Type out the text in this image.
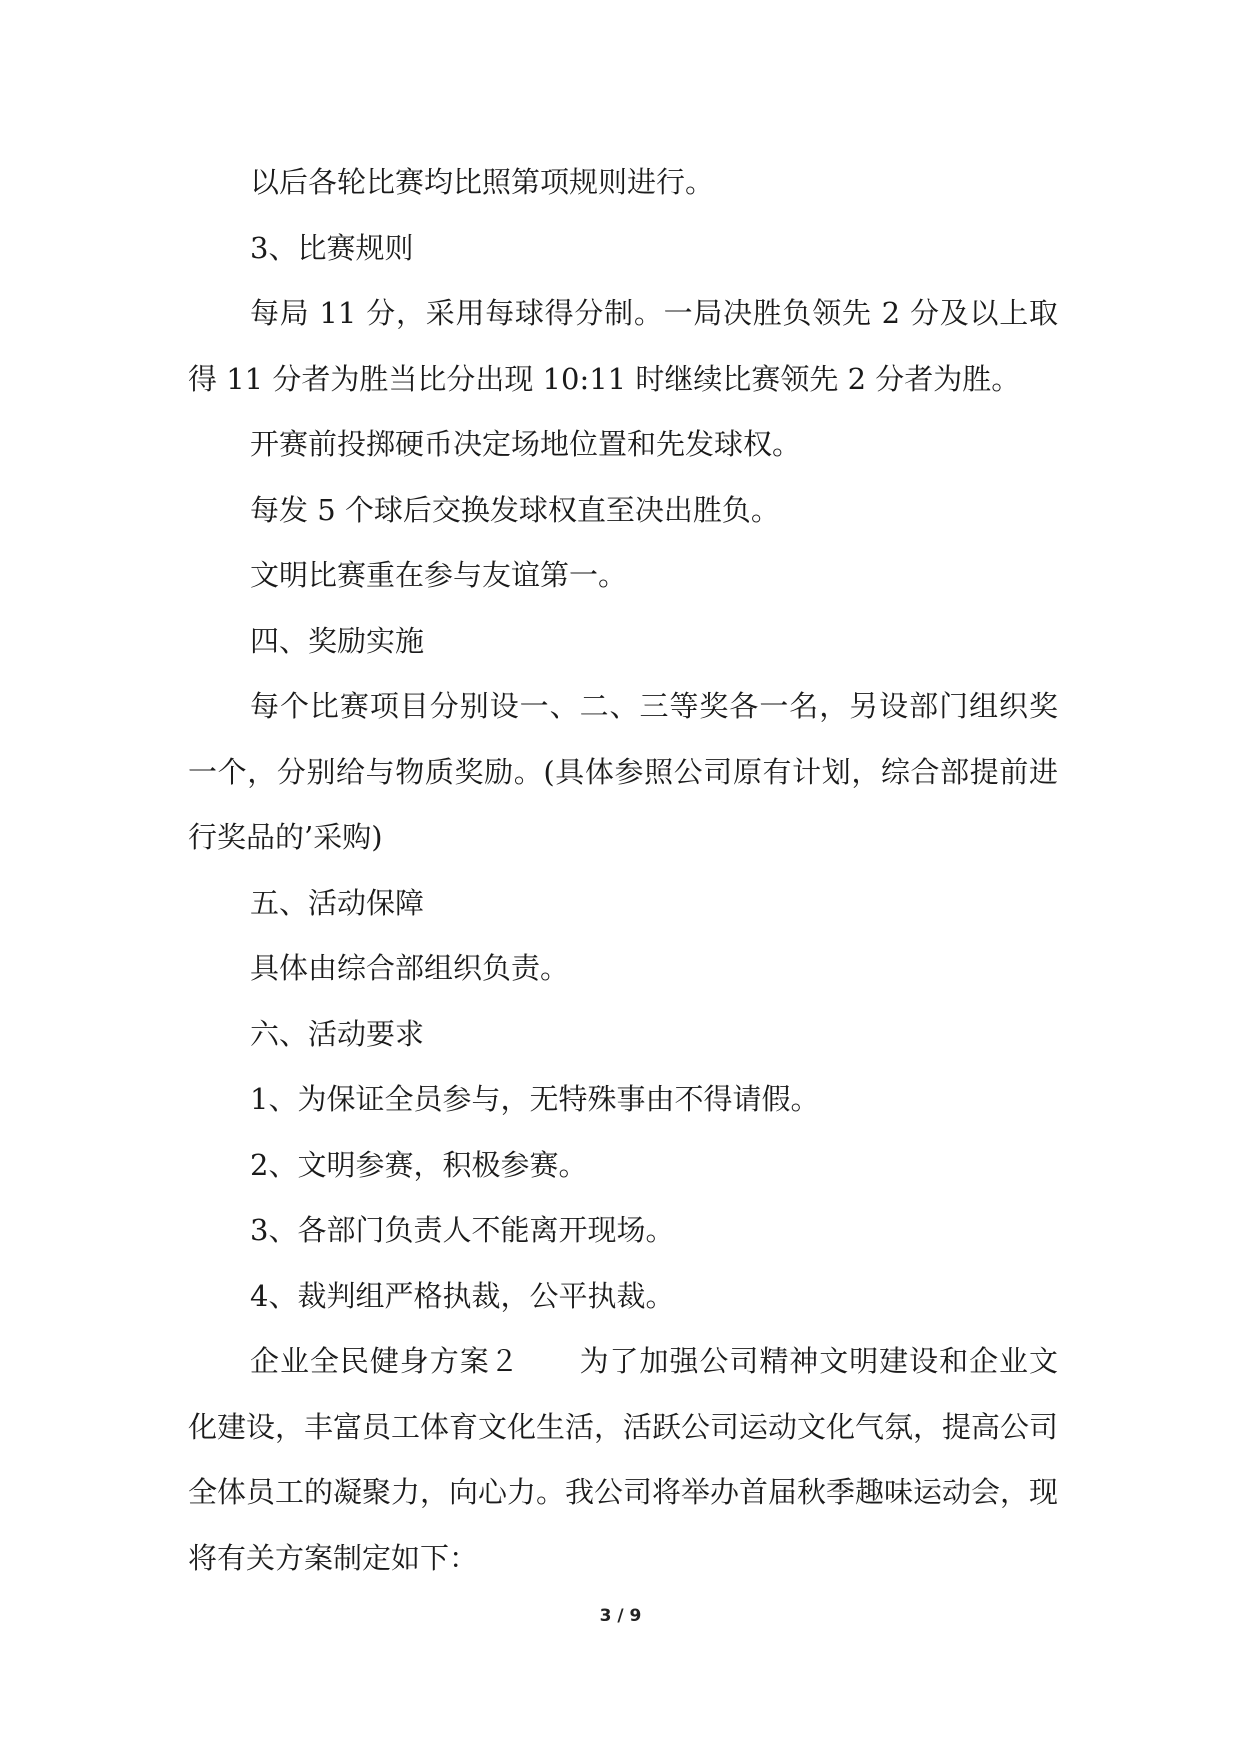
以后各轮比赛均比照第项规则进行。

3、比赛规则

每局 11 分，采用每球得分制。一局决胜负领先 2 分及以上取得 11 分者为胜当比分出现 10:11 时继续比赛领先 2 分者为胜。

开赛前投掷硬币决定场地位置和先发球权。

每发 5 个球后交换发球权直至决出胜负。

文明比赛重在参与友谊第一。

四、奖励实施

每个比赛项目分别设一、二、三等奖各一名，另设部门组织奖一个，分别给与物质奖励。(具体参照公司原有计划，综合部提前进行奖品的’采购)

五、活动保障

具体由综合部组织负责。

六、活动要求

1、为保证全员参与，无特殊事由不得请假。

2、文明参赛，积极参赛。

3、各部门负责人不能离开现场。

4、裁判组严格执裁，公平执裁。

企业全民健身方案２　　为了加强公司精神文明建设和企业文化建设，丰富员工体育文化生活，活跃公司运动文化气氛，提高公司全体员工的凝聚力，向心力。我公司将举办首届秋季趣味运动会，现将有关方案制定如下：

3 / 9
